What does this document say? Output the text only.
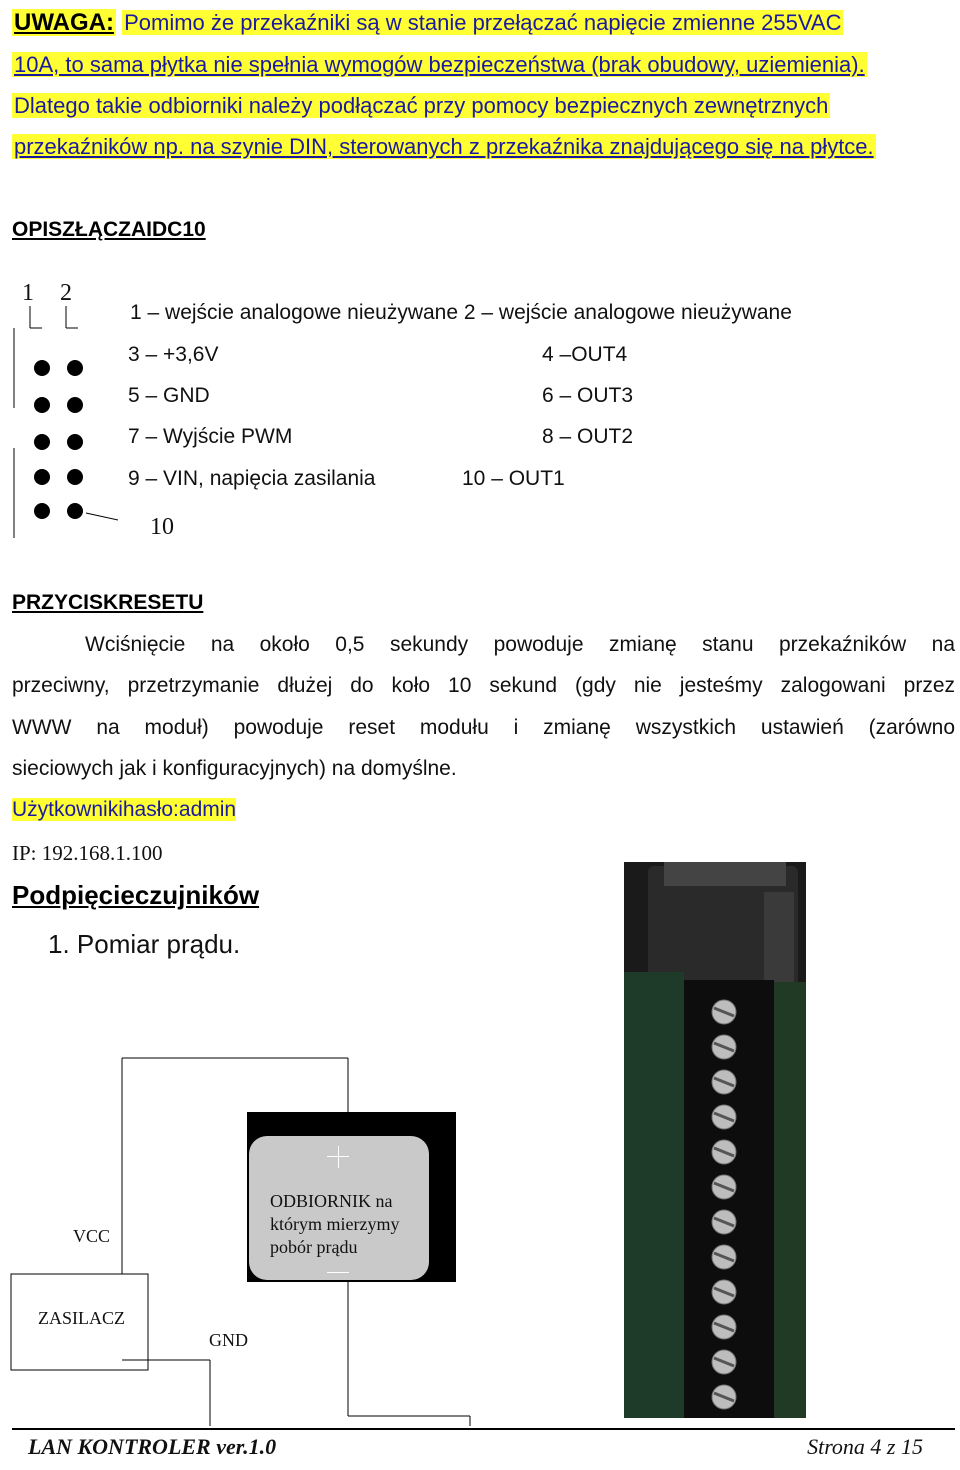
UWAGA: Pomimo że przekaźniki są w stanie przełączać napięcie zmienne 255VAC
10A, to sama płytka nie spełnia wymogów bezpieczeństwa (brak obudowy, uziemienia).
Dlatego takie odbiorniki należy podłączać przy pomocy bezpiecznych zewnętrznych
przekaźników np. na szynie DIN, sterowanych z przekaźnika znajdującego się na płytce.
OPISZŁĄCZAIDC10
1 2
10
1 – wejście analogowe nieużywane 2 – wejście analogowe nieużywane
3 – +3,6V	4 –OUT4
5 – GND	6 – OUT3
7 – Wyjście PWM	8 – OUT2
9 – VIN, napięcia zasilania	10 – OUT1
PRZYCISKRESETU
Wciśnięcie na około 0,5 sekundy powoduje zmianę stanu przekaźników na
przeciwny, przetrzymanie dłużej do koło 10 sekund (gdy nie jesteśmy zalogowani przez
WWW na moduł) powoduje reset modułu i zmianę wszystkich ustawień (zarówno
sieciowych jak i konfiguracyjnych) na domyślne.
Użytkownikihasło:admin
IP: 192.168.1.100
Podpięcieczujników
1. Pomiar prądu.
ODBIORNIK na
którym mierzymy
pobór prądu
VCC
ZASILACZ
GND
LAN KONTROLER ver.1.0	Strona 4 z 15
